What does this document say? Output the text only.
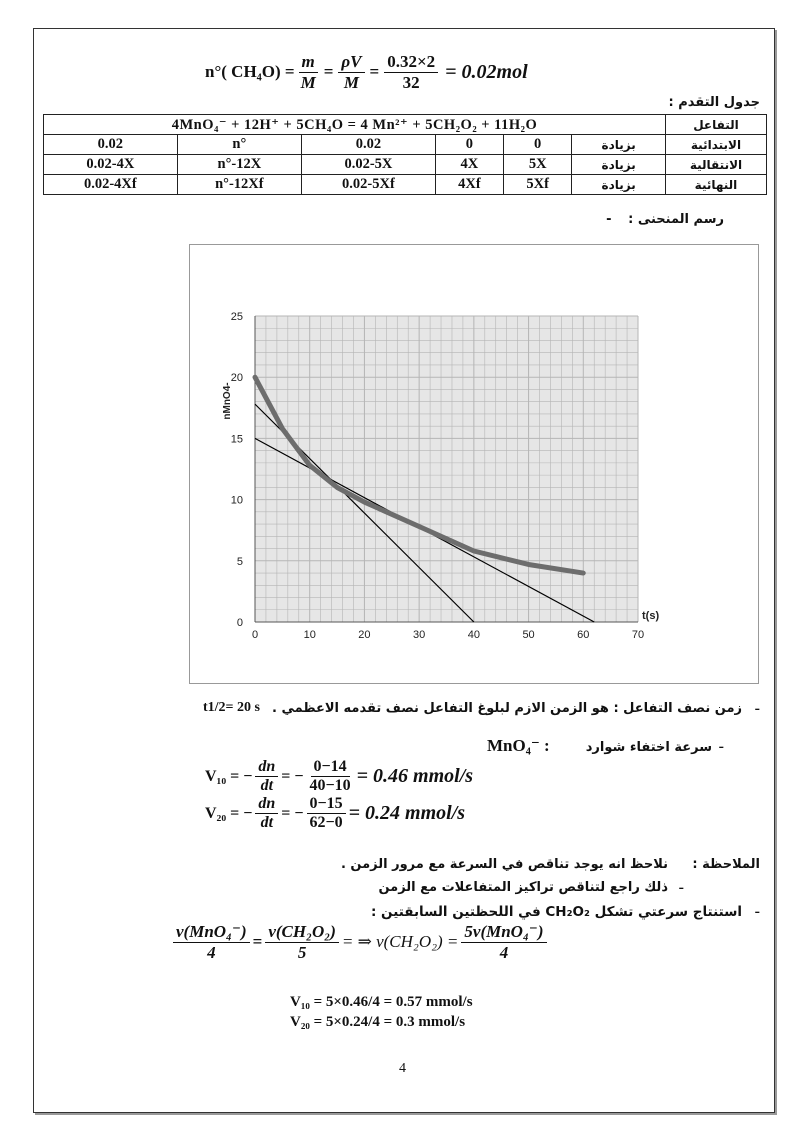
n°( $CH_4O) = \frac{m}{M} = \frac{\rho V}{M} = \frac{0.32\times 2}{32} = 0.02mol$
جدول التقدم :
4MnO₄⁻ + 12H⁺ + 5CH₄O = 4 Mn²⁺ + 5CH₂O₂ + 11H₂O						التفاعل
0.02	n°	0.02	0	0	بزيادة	الابتدائية
0.02-4X	n°-12X	0.02-5X	4X	5X	بزيادة	الانتقالية
0.02-4Xf	n°-12Xf	0.02-5Xf	4Xf	5Xf	بزيادة	النهائية
رسم المنحنى : -
0	10	20	30	40	50	60	70
0
5
10
15
20
25
t(s)
nMnO4-
t1/2= 20 s زمن نصف التفاعل : هو الزمن الازم لبلوغ التفاعل نصف تقدمه الاعظمي . -
MnO₄⁻ :	سرعة اختفاء شوارد -
V₁₀ = − $\frac{dn}{dt}$ = − $\frac{0-14}{40-10} = 0.46$ mmol/s
V₂₀ = − $\frac{dn}{dt}$ = − $\frac{0-15}{62-0} = 0.24$ mmol/s
الملاحظة :
نلاحظ انه يوجد تناقص في السرعة مع مرور الزمن .
ذلك راجع لتناقص تراكيز المتفاعلات مع الزمن -
استنتاج سرعتي تشكل CH₂O₂ في اللحظتين السابقتين : -
$\frac{\text{v(MnO₄⁻)}}{4} = \frac{\text{v(CH₂O₂)}}{5}$ = ⇒ $v(CH_2O_2) = \frac{\text{5v(MnO₄⁻)}}{4}$
V₁₀ = 5×0.46/4 = 0.57 mmol/s
V₂₀ = 5×0.24/4 = 0.3 mmol/s
4
